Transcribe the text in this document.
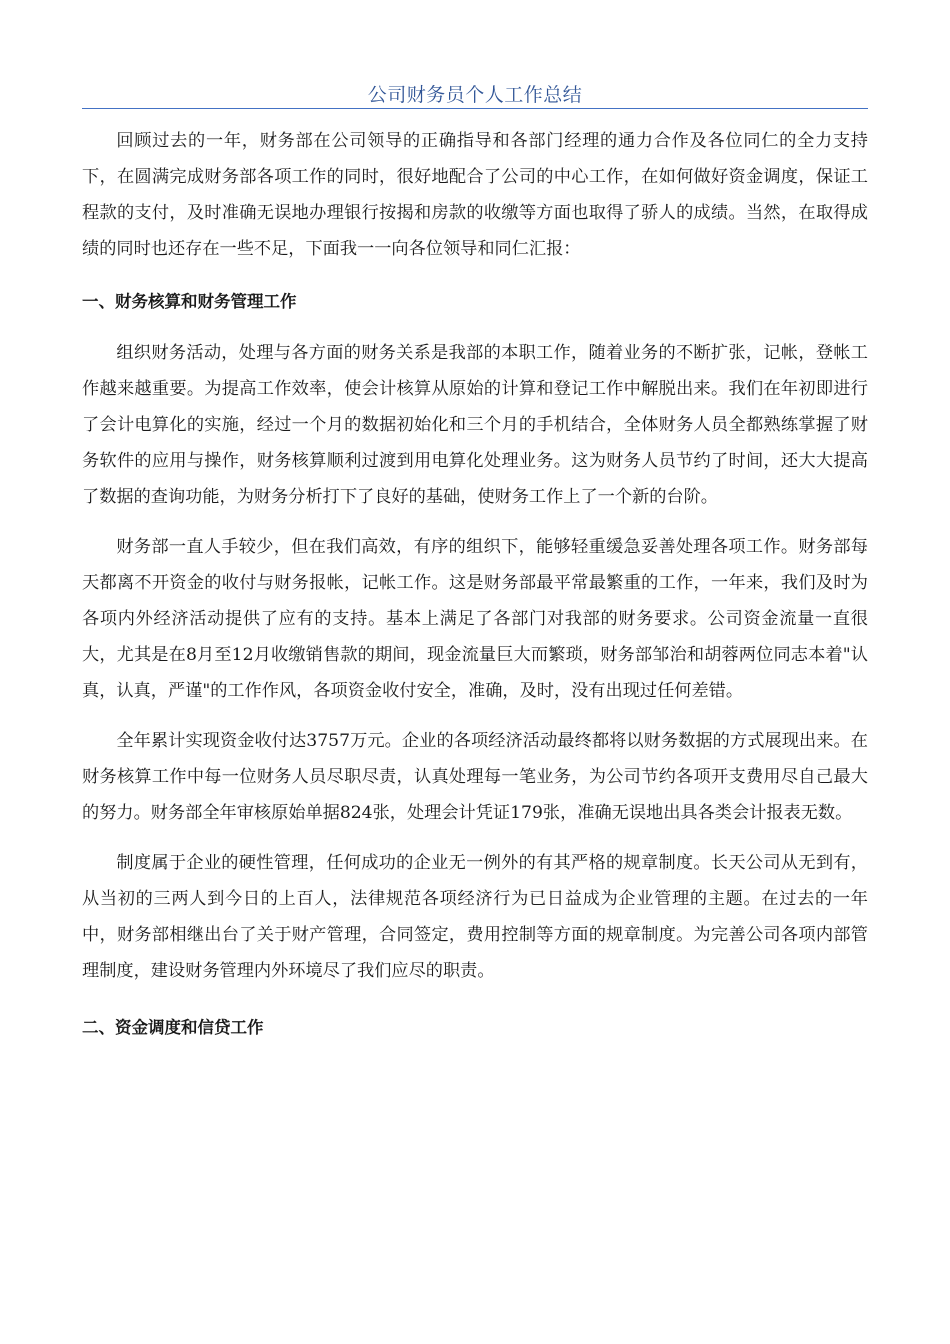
公司财务员个人工作总结

回顾过去的一年，财务部在公司领导的正确指导和各部门经理的通力合作及各位同仁的全力支持下，在圆满完成财务部各项工作的同时，很好地配合了公司的中心工作，在如何做好资金调度，保证工程款的支付，及时准确无误地办理银行按揭和房款的收缴等方面也取得了骄人的成绩。当然，在取得成绩的同时也还存在一些不足，下面我一一向各位领导和同仁汇报：

一、财务核算和财务管理工作

组织财务活动，处理与各方面的财务关系是我部的本职工作，随着业务的不断扩张，记帐，登帐工作越来越重要。为提高工作效率，使会计核算从原始的计算和登记工作中解脱出来。我们在年初即进行了会计电算化的实施，经过一个月的数据初始化和三个月的手机结合，全体财务人员全都熟练掌握了财务软件的应用与操作，财务核算顺利过渡到用电算化处理业务。这为财务人员节约了时间，还大大提高了数据的查询功能，为财务分析打下了良好的基础，使财务工作上了一个新的台阶。

财务部一直人手较少，但在我们高效，有序的组织下，能够轻重缓急妥善处理各项工作。财务部每天都离不开资金的收付与财务报帐，记帐工作。这是财务部最平常最繁重的工作，一年来，我们及时为各项内外经济活动提供了应有的支持。基本上满足了各部门对我部的财务要求。公司资金流量一直很大，尤其是在8月至12月收缴销售款的期间，现金流量巨大而繁琐，财务部邹治和胡蓉两位同志本着"认真，认真，严谨"的工作作风，各项资金收付安全，准确，及时，没有出现过任何差错。

全年累计实现资金收付达3757万元。企业的各项经济活动最终都将以财务数据的方式展现出来。在财务核算工作中每一位财务人员尽职尽责，认真处理每一笔业务，为公司节约各项开支费用尽自己最大的努力。财务部全年审核原始单据824张，处理会计凭证179张，准确无误地出具各类会计报表无数。

制度属于企业的硬性管理，任何成功的企业无一例外的有其严格的规章制度。长天公司从无到有，从当初的三两人到今日的上百人，法律规范各项经济行为已日益成为企业管理的主题。在过去的一年中，财务部相继出台了关于财产管理，合同签定，费用控制等方面的规章制度。为完善公司各项内部管理制度，建设财务管理内外环境尽了我们应尽的职责。

二、资金调度和信贷工作
